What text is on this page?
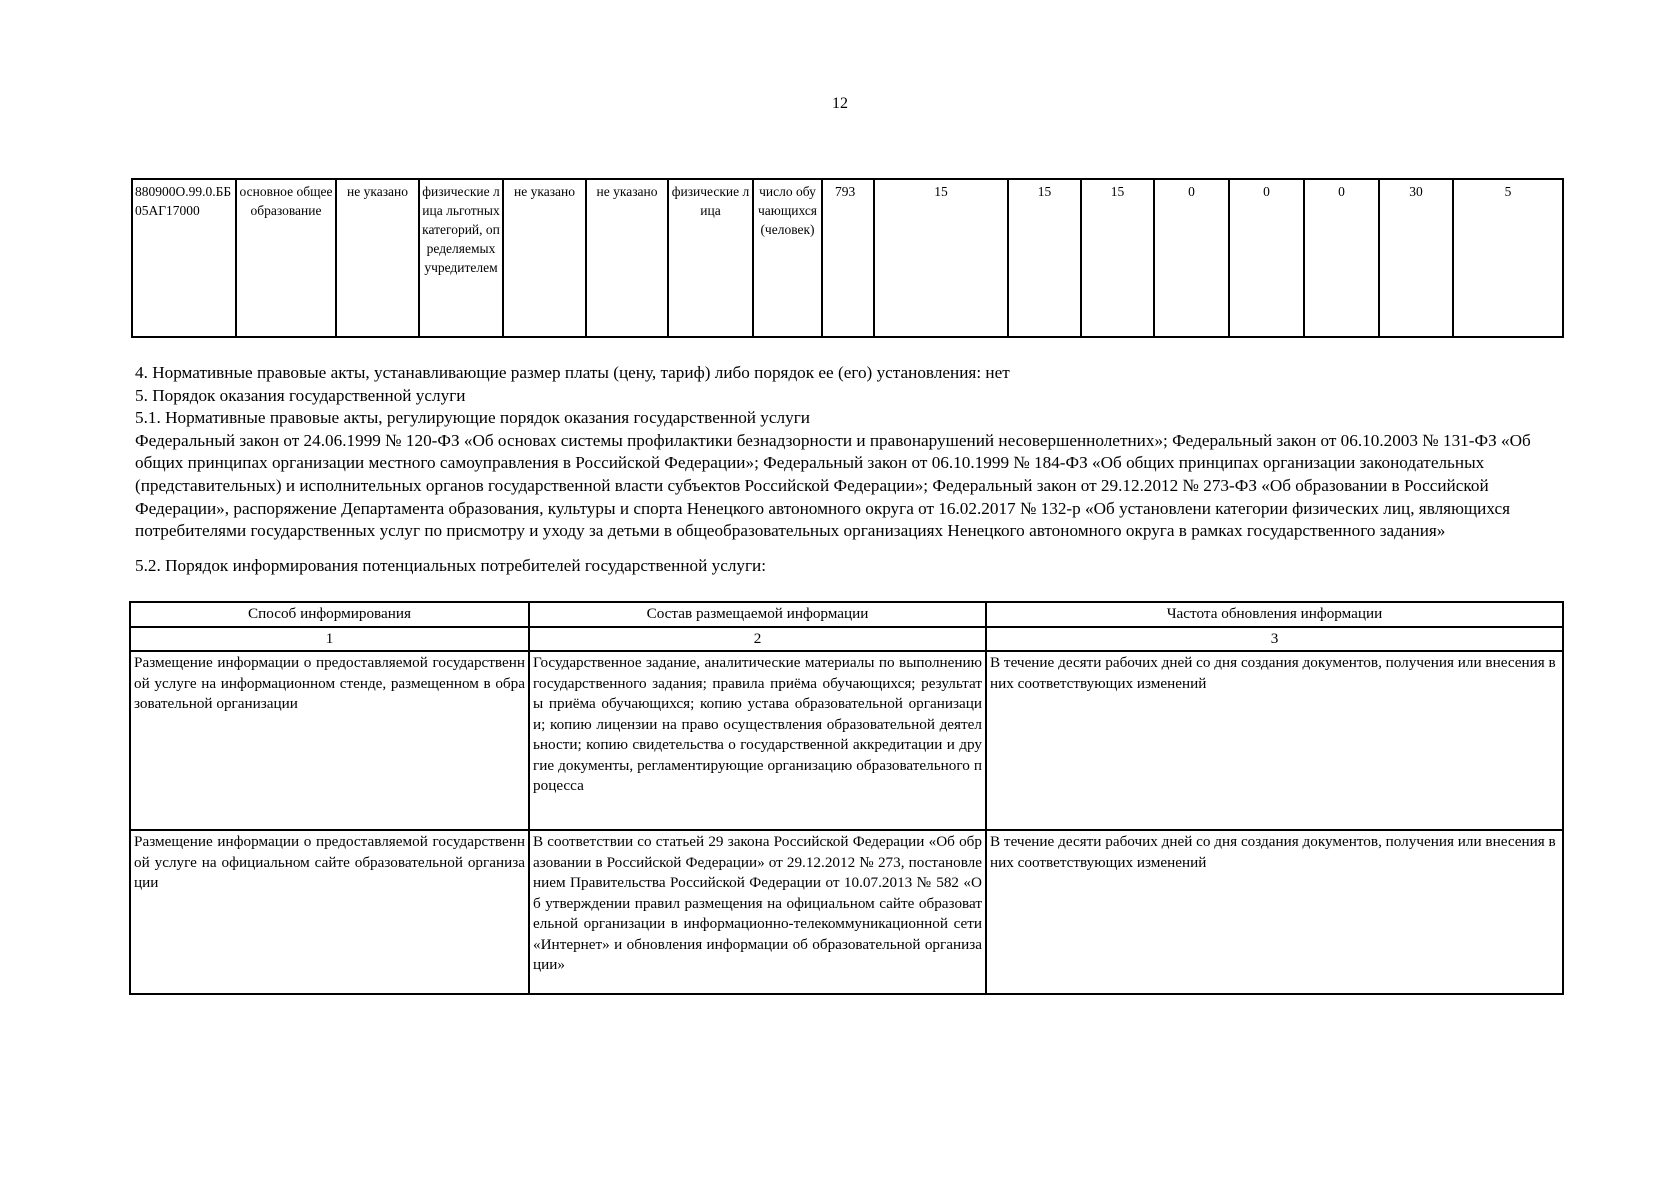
12
880900О.99.0.ББ05АГ17000	основное общее образование	не указано	физические лица льготных категорий, определяемых учредителем	не указано	не указано	физические лица	число обучающихся (человек)	793	15	15	15	0	0	0	30	5

4. Нормативные правовые акты, устанавливающие размер платы (цену, тариф) либо порядок ее (его) установления: нет

5. Порядок оказания государственной услуги

5.1. Нормативные правовые акты, регулирующие порядок оказания государственной услуги

Федеральный закон от 24.06.1999 № 120-ФЗ «Об основах системы профилактики безнадзорности и правонарушений несовершеннолетних»; Федеральный закон от 06.10.2003 № 131-ФЗ «Об общих принципах организации местного самоуправления в Российской Федерации»; Федеральный закон от 06.10.1999 № 184-ФЗ «Об общих принципах организации законодательных (представительных) и исполнительных органов государственной власти субъектов Российской Федерации»; Федеральный закон от 29.12.2012 № 273-ФЗ «Об образовании в Российской Федерации», распоряжение Департамента образования, культуры и спорта Ненецкого автономного округа от 16.02.2017 № 132-р «Об установлени категории физических лиц, являющихся потребителями государственных услуг по присмотру и уходу за детьми в общеобразовательных организациях Ненецкого автономного округа в рамках государственного задания»

5.2. Порядок информирования потенциальных потребителей государственной услуги:

Способ информирования	Состав размещаемой информации	Частота обновления информации
1	2	3
Размещение информации о предоставляемой государственной услуге на информационном стенде, размещенном в образовательной организации	Государственное задание, аналитические материалы по выполнению государственного задания; правила приёма обучающихся; результаты приёма обучающихся; копию устава образовательной организации; копию лицензии на право осуществления образовательной деятельности; копию свидетельства о государственной аккредитации и другие документы, регламентирующие организацию образовательного процесса	В течение десяти рабочих дней со дня создания документов, получения или внесения в них соответствующих изменений
Размещение информации о предоставляемой государственной услуге на официальном сайте образовательной организации	В соответствии со статьей 29 закона Российской Федерации «Об образовании в Российской Федерации» от 29.12.2012 № 273, постановлением Правительства Российской Федерации от 10.07.2013 № 582 «Об утверждении правил размещения на официальном сайте образовательной организации в информационно-телекоммуникационной сети «Интернет» и обновления информации об образовательной организации»	В течение десяти рабочих дней со дня создания документов, получения или внесения в них соответствующих изменений
